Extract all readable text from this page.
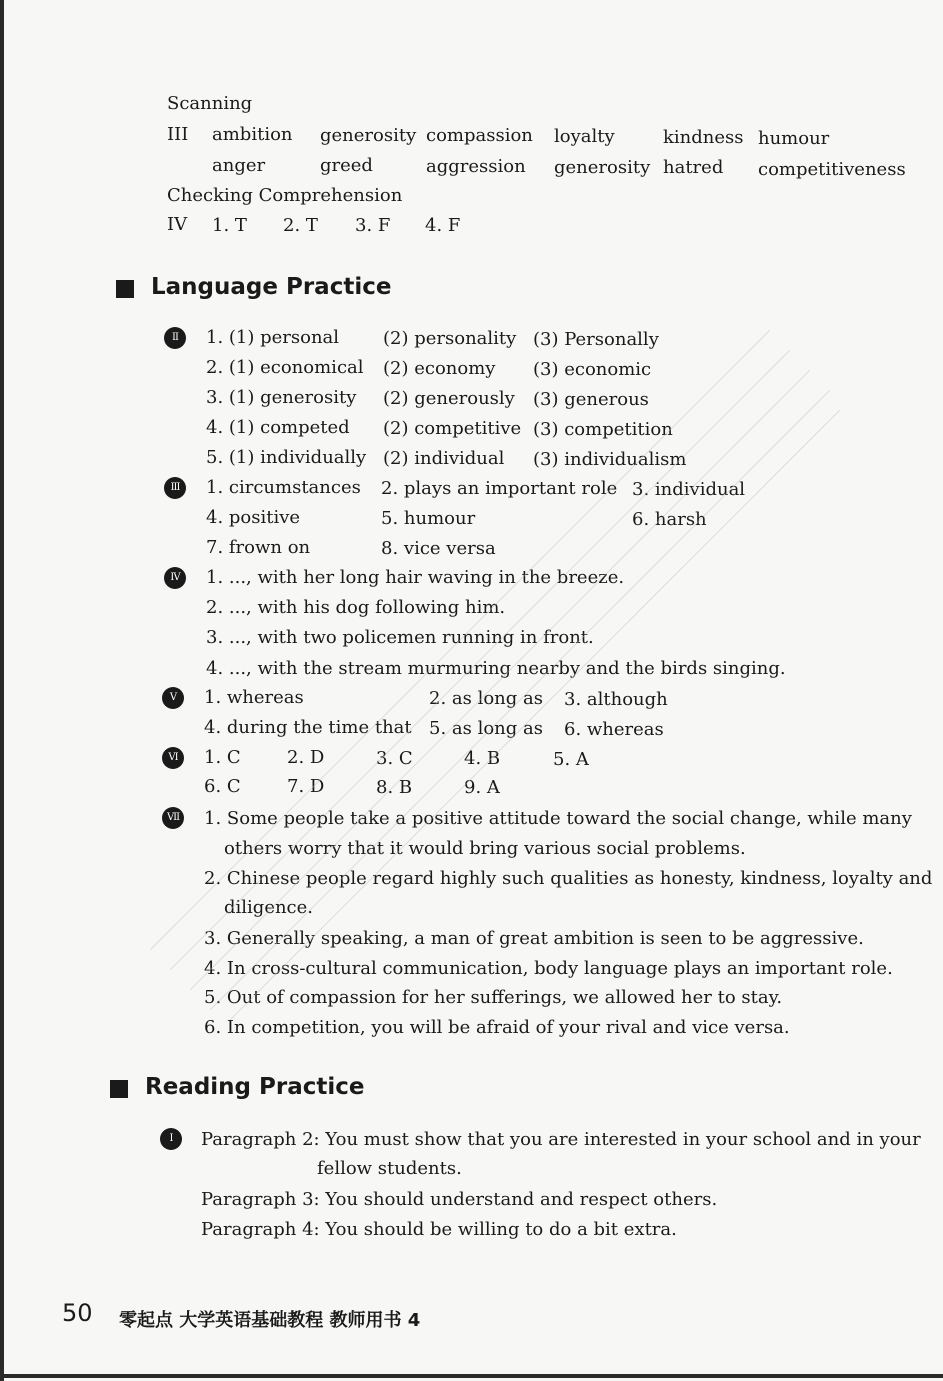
Scanning
III ambition generosity compassion loyalty	kindness humour
anger	greed	aggression generosity hatred competitiveness
Checking Comprehension
IV 1. T 2. T 3. F 4. F
Language Practice
II	1. (1) personal (2) personality (3) Personally
2. (1) economical (2) economy (3) economic
3. (1) generosity (2) generously (3) generous
4. (1) competed (2) competitive (3) competition
5. (1) individually (2) individual (3) individualism
III	1. circumstances 2. plays an important role 3. individual
4. positive	5. humour	6. harsh
7. frown on	8. vice versa
IV	1. ..., with her long hair waving in the breeze.
2. ..., with his dog following him.
3. ..., with two policemen running in front.
4. ..., with the stream murmuring nearby and the birds singing.
V	1. whereas	2. as long as 3. although
4. during the time that 5. as long as 6. whereas
VI	1. C	2. D	3. C	4. B	5. A
6. C	7. D	8. B	9. A
VII 1. Some people take a positive attitude toward the social change, while many
others worry that it would bring various social problems.
2. Chinese people regard highly such qualities as honesty, kindness, loyalty and
diligence.
3. Generally speaking, a man of great ambition is seen to be aggressive.
4. In cross-cultural communication, body language plays an important role.
5. Out of compassion for her sufferings, we allowed her to stay.
6. In competition, you will be afraid of your rival and vice versa.
Reading Practice
I	Paragraph 2: You must show that you are interested in your school and in your
fellow students.
Paragraph 3: You should understand and respect others.
Paragraph 4: You should be willing to do a bit extra.
50 零起点 大学英语基础教程 教师用书 4
